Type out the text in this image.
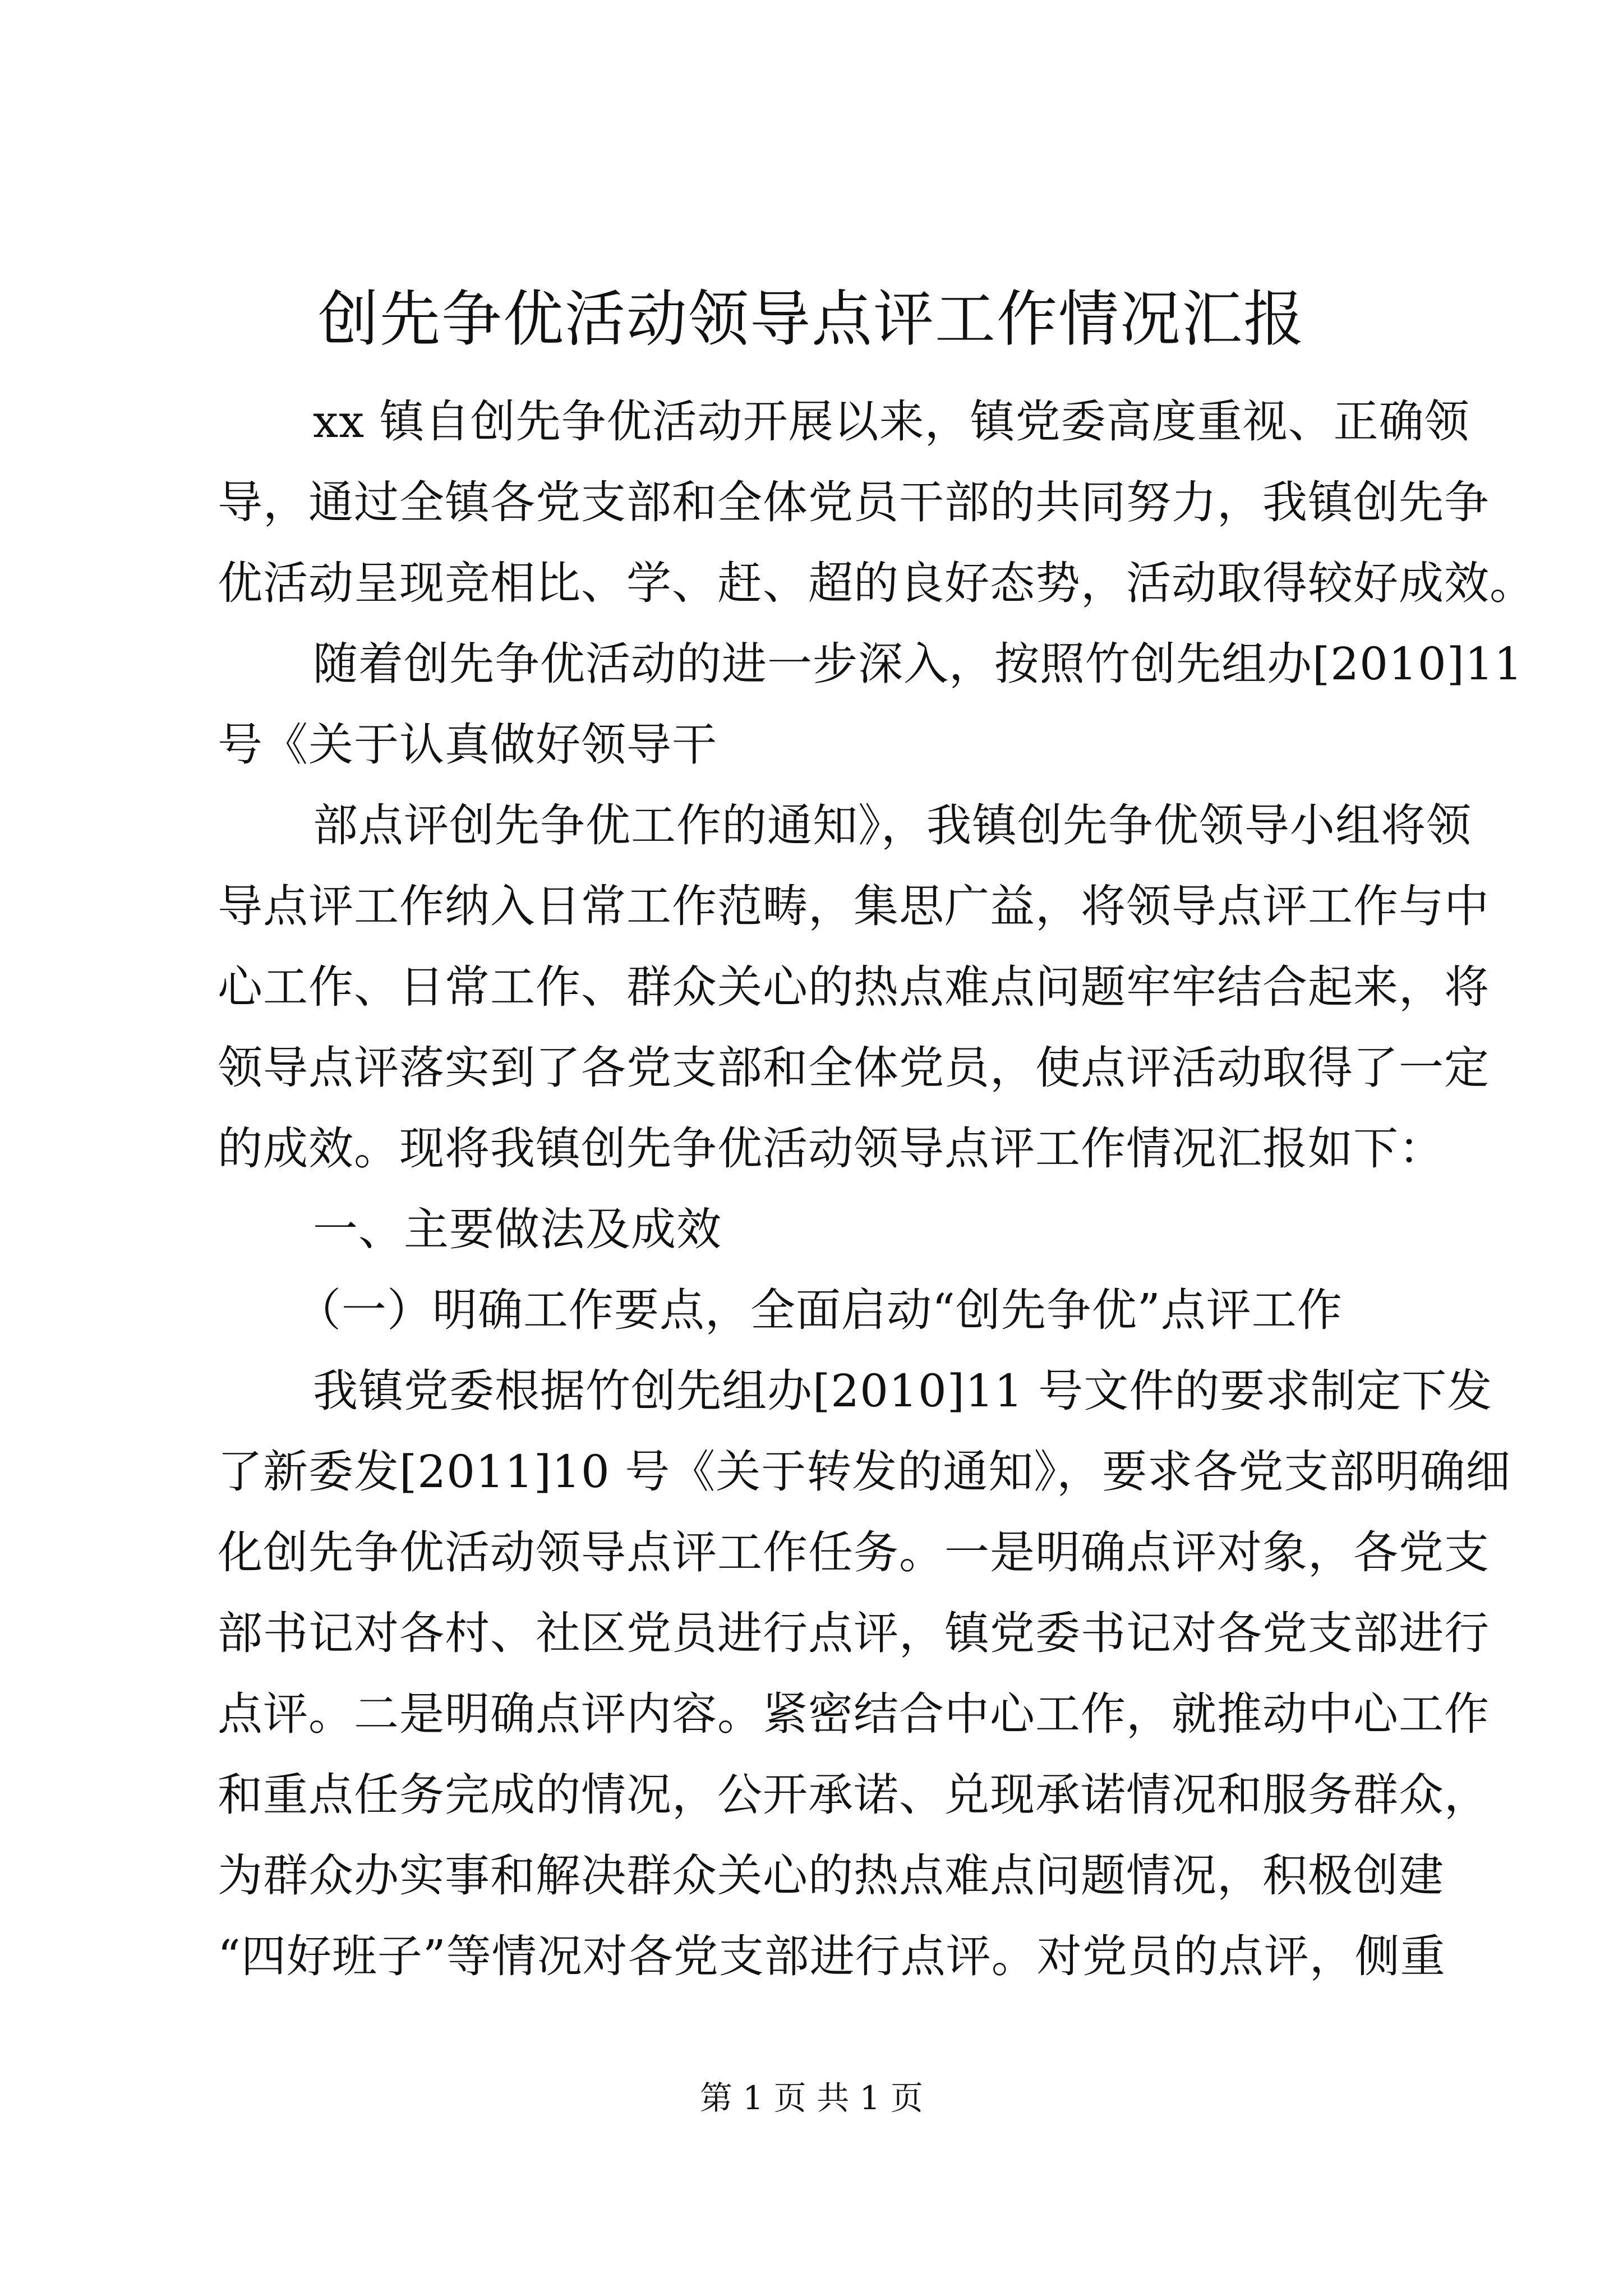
创先争优活动领导点评工作情况汇报
xx 镇自创先争优活动开展以来，镇党委高度重视、正确领
导，通过全镇各党支部和全体党员干部的共同努力，我镇创先争
优活动呈现竞相比、学、赶、超的良好态势，活动取得较好成效。
随着创先争优活动的进一步深入，按照竹创先组办[2010]11
号《关于认真做好领导干
部点评创先争优工作的通知》，我镇创先争优领导小组将领
导点评工作纳入日常工作范畴，集思广益，将领导点评工作与中
心工作、日常工作、群众关心的热点难点问题牢牢结合起来，将
领导点评落实到了各党支部和全体党员，使点评活动取得了一定
的成效。现将我镇创先争优活动领导点评工作情况汇报如下：
一、主要做法及成效
（一）明确工作要点，全面启动“创先争优”点评工作
我镇党委根据竹创先组办[2010]11 号文件的要求制定下发
了新委发[2011]10 号《关于转发的通知》，要求各党支部明确细
化创先争优活动领导点评工作任务。一是明确点评对象，各党支
部书记对各村、社区党员进行点评，镇党委书记对各党支部进行
点评。二是明确点评内容。紧密结合中心工作，就推动中心工作
和重点任务完成的情况，公开承诺、兑现承诺情况和服务群众，
为群众办实事和解决群众关心的热点难点问题情况，积极创建
“四好班子”等情况对各党支部进行点评。对党员的点评，侧重
第 1 页 共 1 页
